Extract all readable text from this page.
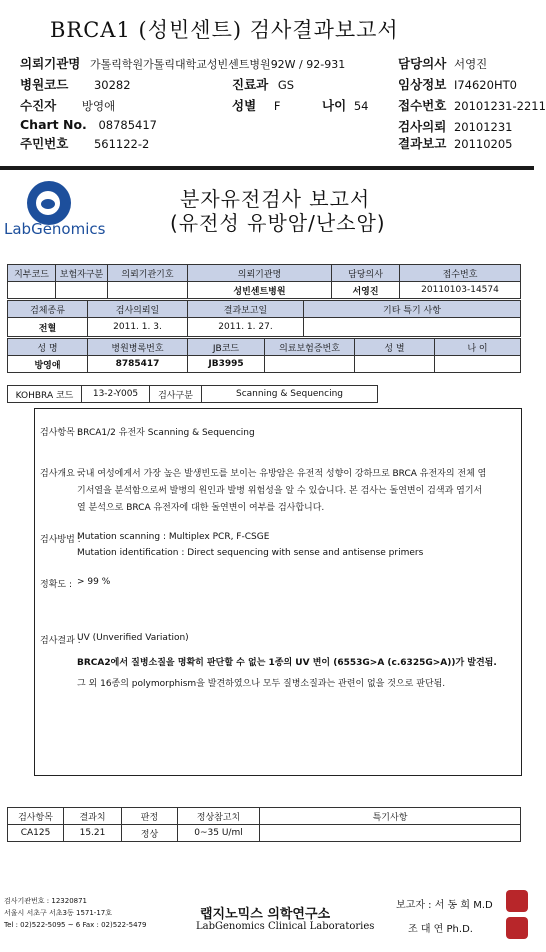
BRCA1 (성빈센트) 검사결과보고서
의뢰기관명 가톨릭학원가톨릭대학교성빈센트병원92W / 92-931	담당의사 서영진
병원코드 30282	진료과 GS	임상정보 I74620HT0
수진자 방영애	성별 F	나이 54 접수번호 20101231-2211
Chart No. 08785417	검사의뢰 20101231
주민번호 561122-2	결과보고 20110205
LabGenomics
분자유전검사 보고서
(유전성 유방암/난소암)
지부코드	보험자구분	의뢰기관기호	의뢰기관명	담당의사	접수번호
			성빈센트병원	서영진	20110103-14574
검체종류	검사의뢰일	결과보고일	기타 특기 사항
전혈	2011. 1. 3.	2011. 1. 27.	
성 명	병원병록번호	JB코드	의료보험증번호	성 별	나 이
방영애	8785417	JB3995			
KOHBRA 코드	13-2-Y005	검사구분	Scanning & Sequencing
검사항목 :
BRCA1/2 유전자 Scanning & Sequencing
검사개요 :
국내 여성에게서 가장 높은 발생빈도를 보이는 유방암은 유전적 성향이 강하므로 BRCA 유전자의 전체 염
기서열을 분석함으로써 발병의 원인과 발병 위험성을 알 수 있습니다. 본 검사는 돌연변이 검색과 염기서
열 분석으로 BRCA 유전자에 대한 돌연변이 여부를 검사합니다.
검사방법 :
Mutation scanning : Multiplex PCR, F-CSGE
Mutation identification : Direct sequencing with sense and antisense primers
정확도 : > 99 %
검사결과 :
UV (Unverified Variation)
BRCA2에서 질병소질을 명확히 판단할 수 없는 1종의 UV 변이 (6553G>A (c.6325G>A))가 발견됨.
그 외 16종의 polymorphism을 발견하였으나 모두 질병소질과는 관련이 없을 것으로 판단됨.
검사항목	결과치	판정	정상참고치	특기사항
CA125	15.21	정상	0~35 U/ml	
검사기관번호 : 12320871
서울시 서초구 서초3동 1571-17호
Tel : 02)522-5095 ~ 6 Fax : 02)522-5479
랩지노믹스 의학연구소
LabGenomics Clinical Laboratories
보고자 : 서 동 희 M.D
조 대 연 Ph.D.
